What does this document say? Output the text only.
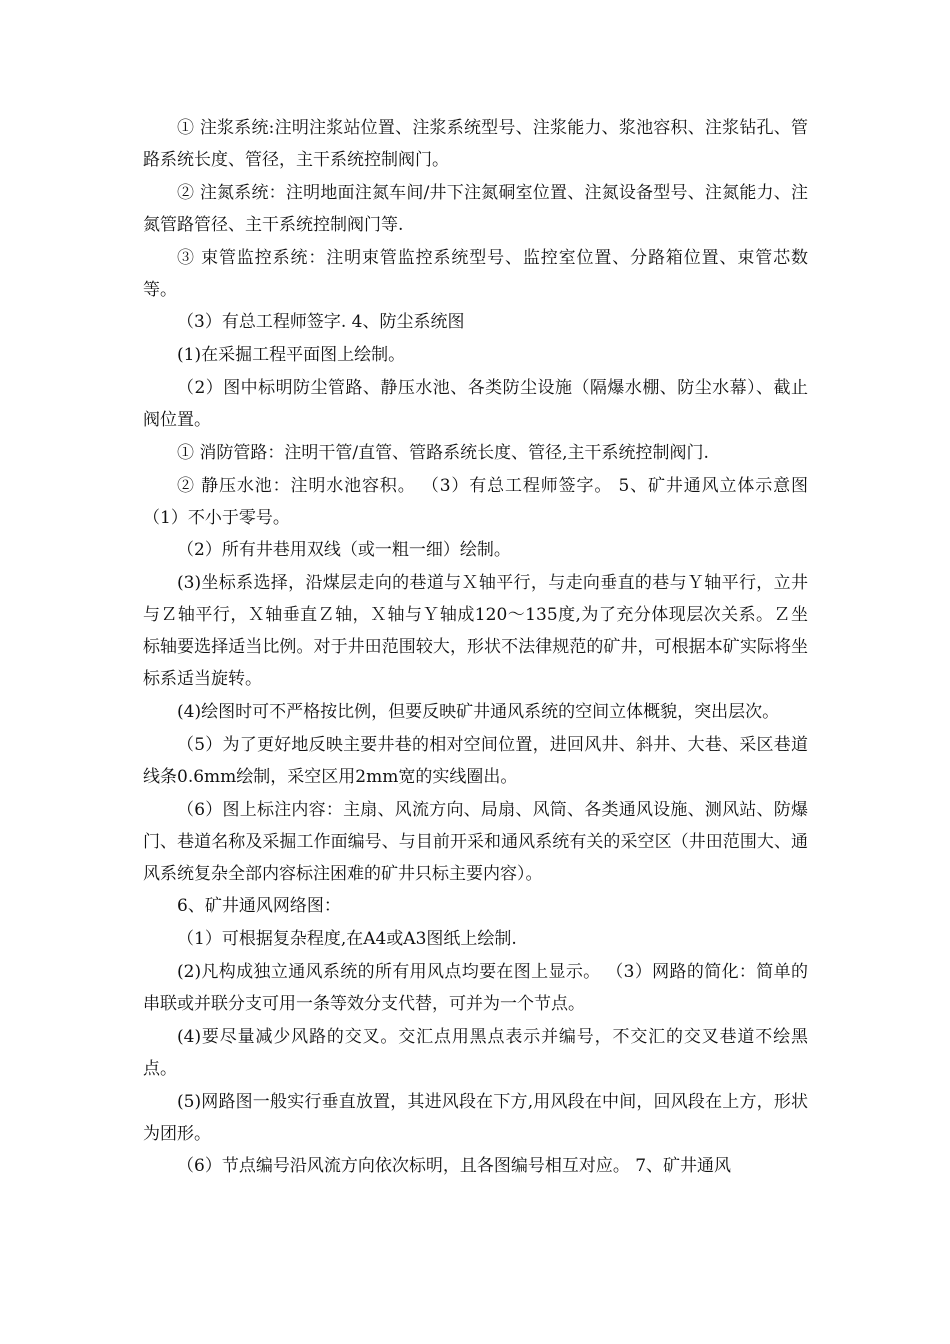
① 注浆系统:注明注浆站位置、注浆系统型号、注浆能力、浆池容积、注浆钻孔、管路系统长度、管径，主干系统控制阀门。

② 注氮系统：注明地面注氮车间/井下注氮硐室位置、注氮设备型号、注氮能力、注氮管路管径、主干系统控制阀门等.

③ 束管监控系统：注明束管监控系统型号、监控室位置、分路箱位置、束管芯数等。

（3）有总工程师签字. 4、防尘系统图

(1)在采掘工程平面图上绘制。

（2）图中标明防尘管路、静压水池、各类防尘设施（隔爆水棚、防尘水幕）、截止阀位置。

① 消防管路：注明干管/直管、管路系统长度、管径,主干系统控制阀门.

② 静压水池：注明水池容积。 （3）有总工程师签字。 5、矿井通风立体示意图 （1）不小于零号。

（2）所有井巷用双线（或一粗一细）绘制。

(3)坐标系选择，沿煤层走向的巷道与Ｘ轴平行，与走向垂直的巷与Ｙ轴平行，立井与Ｚ轴平行，Ｘ轴垂直Ｚ轴，Ｘ轴与Ｙ轴成120～135度,为了充分体现层次关系。Ｚ坐标轴要选择适当比例。对于井田范围较大，形状不法律规范的矿井，可根据本矿实际将坐标系适当旋转。

(4)绘图时可不严格按比例，但要反映矿井通风系统的空间立体概貌，突出层次。

（5）为了更好地反映主要井巷的相对空间位置，进回风井、斜井、大巷、采区巷道线条0.6mm绘制，采空区用2mm宽的实线圈出。

（6）图上标注内容：主扇、风流方向、局扇、风筒、各类通风设施、测风站、防爆门、巷道名称及采掘工作面编号、与目前开采和通风系统有关的采空区（井田范围大、通风系统复杂全部内容标注困难的矿井只标主要内容）。

6、矿井通风网络图：

（1）可根据复杂程度,在A4或A3图纸上绘制.

(2)凡构成独立通风系统的所有用风点均要在图上显示。 （3）网路的简化：简单的串联或并联分支可用一条等效分支代替，可并为一个节点。

(4)要尽量减少风路的交叉。交汇点用黑点表示并编号，不交汇的交叉巷道不绘黑点。

(5)网路图一般实行垂直放置，其进风段在下方,用风段在中间，回风段在上方，形状为团形。

（6）节点编号沿风流方向依次标明，且各图编号相互对应。 7、矿井通风
